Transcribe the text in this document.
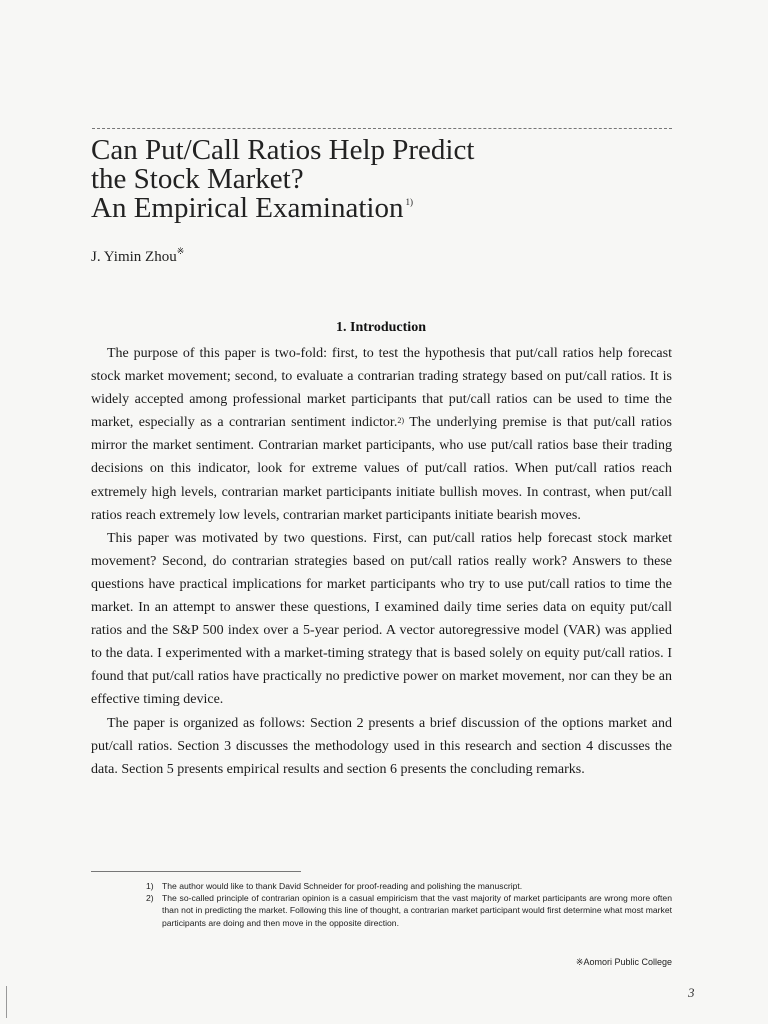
Can Put/Call Ratios Help Predict
the Stock Market?
An Empirical Examination $^{1)}$
J. Yimin Zhou※
1. Introduction

The purpose of this paper is two-fold: first, to test the hypothesis that put/call ratios help forecast stock market movement; second, to evaluate a contrarian trading strategy based on put/call ratios. It is widely accepted among professional market participants that put/call ratios can be used to time the market, especially as a contrarian sentiment indictor.$^{2)}$ The underlying premise is that put/call ratios mirror the market sentiment. Contrarian market participants, who use put/call ratios base their trading decisions on this indicator, look for extreme values of put/call ratios. When put/call ratios reach extremely high levels, contrarian market participants initiate bullish moves. In contrast, when put/call ratios reach extremely low levels, contrarian market participants initiate bearish moves.

This paper was motivated by two questions. First, can put/call ratios help forecast stock market movement? Second, do contrarian strategies based on put/call ratios really work? Answers to these questions have practical implications for market participants who try to use put/call ratios to time the market. In an attempt to answer these questions, I examined daily time series data on equity put/call ratios and the S&P 500 index over a 5-year period. A vector autoregressive model (VAR) was applied to the data. I experimented with a market-timing strategy that is based solely on equity put/call ratios. I found that put/call ratios have practically no predictive power on market movement, nor can they be an effective timing device.

The paper is organized as follows: Section 2 presents a brief discussion of the options market and put/call ratios. Section 3 discusses the methodology used in this research and section 4 discusses the data. Section 5 presents empirical results and section 6 presents the concluding remarks.

1) The author would like to thank David Schneider for proof-reading and polishing the manuscript.
2) The so-called principle of contrarian opinion is a casual empiricism that the vast majority of market participants are wrong more often than not in predicting the market. Following this line of thought, a contrarian market participant would first determine what most market participants are doing and then move in the opposite direction.
※Aomori Public College
3
